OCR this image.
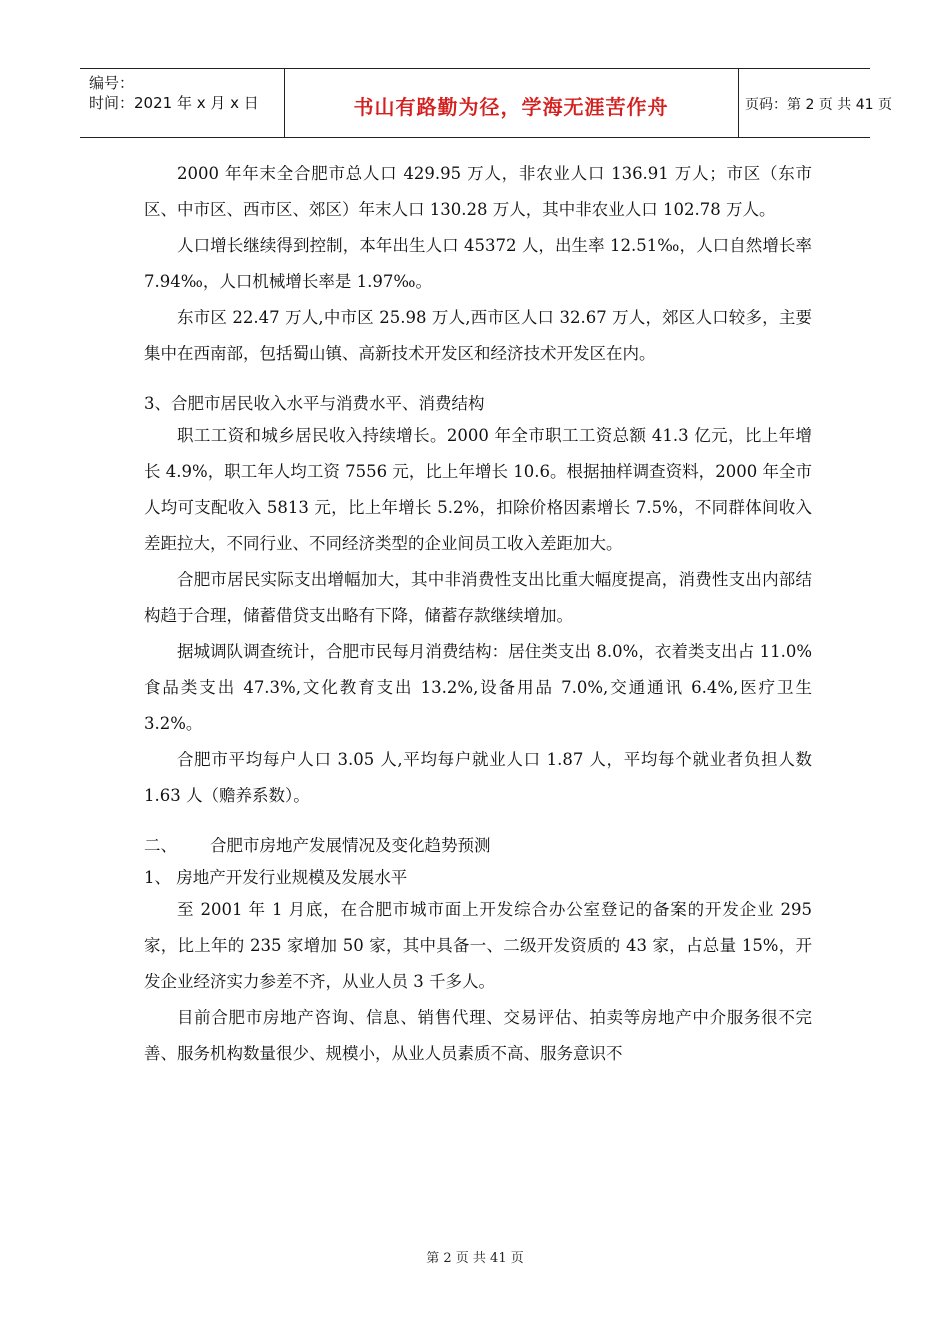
编号：
时间：2021 年 x 月 x 日	书山有路勤为径，学海无涯苦作舟	页码：第 2 页 共 41 页

2000 年年末全合肥市总人口 429.95 万人，非农业人口 136.91 万人；市区（东市区、中市区、西市区、郊区）年末人口 130.28 万人，其中非农业人口 102.78 万人。

人口增长继续得到控制，本年出生人口 45372 人，出生率 12.51‰，人口自然增长率 7.94‰，人口机械增长率是 1.97‰。

东市区 22.47 万人,中市区 25.98 万人,西市区人口 32.67 万人，郊区人口较多，主要集中在西南部，包括蜀山镇、高新技术开发区和经济技术开发区在内。

3、合肥市居民收入水平与消费水平、消费结构

职工工资和城乡居民收入持续增长。2000 年全市职工工资总额 41.3 亿元，比上年增长 4.9%，职工年人均工资 7556 元，比上年增长 10.6。根据抽样调查资料，2000 年全市人均可支配收入 5813 元，比上年增长 5.2%，扣除价格因素增长 7.5%，不同群体间收入差距拉大，不同行业、不同经济类型的企业间员工收入差距加大。

合肥市居民实际支出增幅加大，其中非消费性支出比重大幅度提高，消费性支出内部结构趋于合理，储蓄借贷支出略有下降，储蓄存款继续增加。

据城调队调查统计，合肥市民每月消费结构：居住类支出 8.0%，衣着类支出占 11.0%食品类支出 47.3%,文化教育支出 13.2%,设备用品 7.0%,交通通讯 6.4%,医疗卫生 3.2%。

合肥市平均每户人口 3.05 人,平均每户就业人口 1.87 人，平均每个就业者负担人数 1.63 人（赡养系数）。

二、	合肥市房地产发展情况及变化趋势预测

1、 房地产开发行业规模及发展水平

至 2001 年 1 月底，在合肥市城市面上开发综合办公室登记的备案的开发企业 295 家，比上年的 235 家增加 50 家，其中具备一、二级开发资质的 43 家，占总量 15%，开发企业经济实力参差不齐，从业人员 3 千多人。

目前合肥市房地产咨询、信息、销售代理、交易评估、拍卖等房地产中介服务很不完善、服务机构数量很少、规模小，从业人员素质不高、服务意识不

第 2 页 共 41 页
